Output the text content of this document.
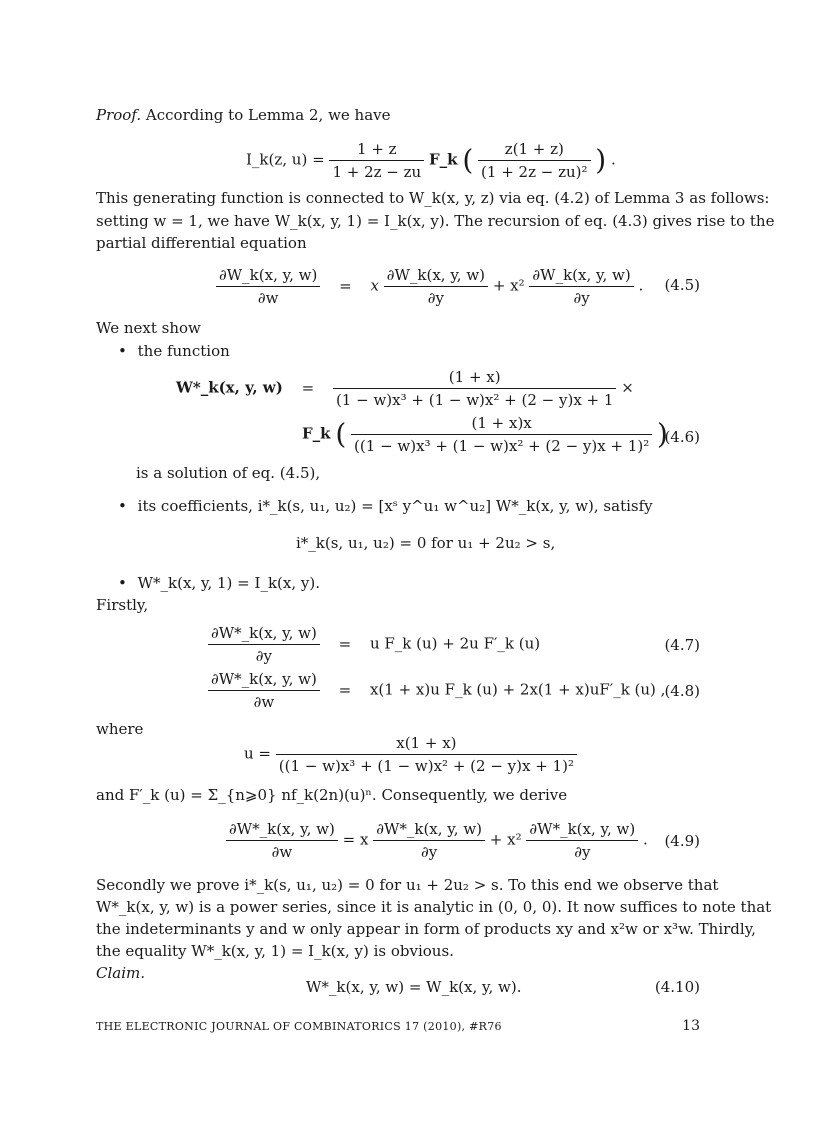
Proof. According to Lemma 2, we have
I_k(z, $u) = \frac{1 + z}{1 + 2z - zu}$ F_k ( $\frac{z(1 + z)}{\text{(1 + 2z − zu)²}}$ ) .
This generating function is connected to W_k(x, y, z) via eq. (4.2) of Lemma 3 as follows:
setting w = 1, we have W_k(x, y, 1) = I_k(x, y). The recursion of eq. (4.3) gives rise to the
partial differential equation
$\frac{\partial W\_k(x, y, w)}{\partial w} = x \frac{\partial W\_k(x, y, w)}{\partial y} + x^2 \frac{\partial W\_k(x, y, w)}{\partial y}$ . (4.5)
We next show
• the function
W*_k(x, y, $w) = \frac{(1 + x)}{\text{(1 − w)x³ + (1 − w)x² + (2 − y)x + 1}}$ ×
F_k ( $\frac{(1 + x)x}{\text{((1 − w)x³ + (1 − w)x² + (2 − y)x + 1)²}}$ )
(4.6)
is a solution of eq. (4.5),
• its coefficients, i*_k(s, u₁, u₂) = [xˢ y^u₁ w^u₂] W*_k(x, y, w), satisfy
i*_k(s, u₁, u₂) = 0 for u₁ + 2u₂ > s,
• W*_k(x, y, 1) = I_k(x, y).
Firstly,
$\frac{\partial W*\_k(x, y, w)}{\partial y} = u$ F_k (u) + 2u F′_k (u)	(4.7)
$\frac{\partial W*\_k(x, y, w)}{\partial w} = x(1 + x)u$ F_k (u) + 2x(1 + x)uF′_k (u) ,
(4.8)
where
$u = \frac{x(1 + x)}{\text{((1 − w)x³ + (1 − w)x² + (2 − y)x + 1)²}}$
and F′_k (u) = Σ_{n⩾0} nf_k(2n)(u)ⁿ. Consequently, we derive
$\frac{\partial W*\_k(x, y, w)}{\partial w} = x \frac{\partial W*\_k(x, y, w)}{\partial y} + x^2 \frac{\partial W*\_k(x, y, w)}{\partial y}$ . (4.9)
Secondly we prove i*_k(s, u₁, u₂) = 0 for u₁ + 2u₂ > s. To this end we observe that
W*_k(x, y, w) is a power series, since it is analytic in (0, 0, 0). It now suffices to note that
the indeterminants y and w only appear in form of products xy and x²w or x³w. Thirdly,
the equality W*_k(x, y, 1) = I_k(x, y) is obvious.
Claim.
W*_k(x, y, w) = W_k(x, y, w).	(4.10)
THE ELECTRONIC JOURNAL OF COMBINATORICS 17 (2010), #R76	13
